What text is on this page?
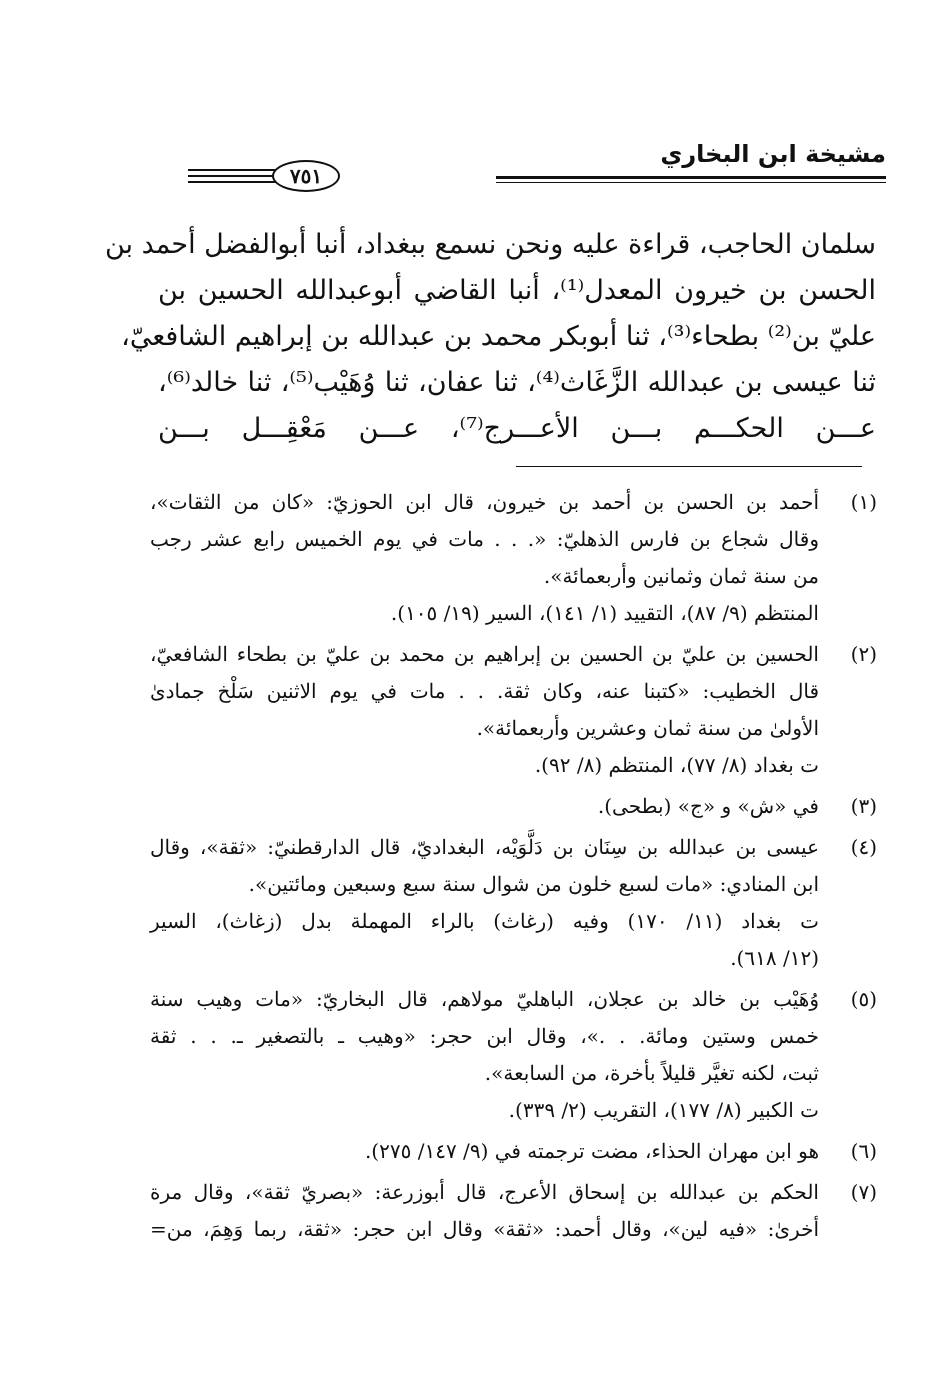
مشيخة ابن البخاري
٧٥١
سلمان الحاجب، قراءة عليه ونحن نسمع ببغداد، أنبا أبوالفضل أحمد بن
الحسن بن خيرون المعدل⁽¹⁾، أنبا القاضي أبوعبدالله الحسين بن
عليّ بن⁽²⁾ بطحاء⁽³⁾، ثنا أبوبكر محمد بن عبدالله بن إبراهيم الشافعيّ،
ثنا عيسى بن عبدالله الزَّغَاث⁽⁴⁾، ثنا عفان، ثنا وُهَيْب⁽⁵⁾، ثنا خالد⁽⁶⁾،
عـــن الحكـــم بـــن الأعـــرج⁽⁷⁾، عـــن مَعْقِـــل بـــن
(١)
أحمد بن الحسن بن أحمد بن خيرون، قال ابن الحوزيّ: «كان من الثقات»،
وقال شجاع بن فارس الذهليّ: «. . . مات في يوم الخميس رابع عشر رجب
من سنة ثمان وثمانين وأربعمائة».
المنتظم (٩/ ٨٧)، التقييد (١/ ١٤١)، السير (١٩/ ١٠٥).
(٢)
الحسين بن عليّ بن الحسين بن إبراهيم بن محمد بن عليّ بن بطحاء الشافعيّ،
قال الخطيب: «كتبنا عنه، وكان ثقة. . . مات في يوم الاثنين سَلْخ جمادىٰ
الأولىٰ من سنة ثمان وعشرين وأربعمائة».
ت بغداد (٨/ ٧٧)، المنتظم (٨/ ٩٢).
(٣)
في «ش» و «ج» (بطحى).
(٤)
عيسى بن عبدالله بن سِنَان بن دَلَّوَيْه، البغداديّ، قال الدارقطنيّ: «ثقة»، وقال
ابن المنادي: «مات لسبع خلون من شوال سنة سبع وسبعين ومائتين».
ت بغداد (١١/ ١٧٠) وفيه (رغاث) بالراء المهملة بدل (زغاث)، السير
(١٢/ ٦١٨).
(٥)
وُهَيْب بن خالد بن عجلان، الباهليّ مولاهم، قال البخاريّ: «مات وهيب سنة
خمس وستين ومائة. . .»، وقال ابن حجر: «وهيب ـ بالتصغير ـ. . . ثقة
ثبت، لكنه تغيَّر قليلاً بأخرة، من السابعة».
ت الكبير (٨/ ١٧٧)، التقريب (٢/ ٣٣٩).
(٦)
هو ابن مهران الحذاء، مضت ترجمته في (٩/ ١٤٧/ ٢٧٥).
(٧)
الحكم بن عبدالله بن إسحاق الأعرج، قال أبوزرعة: «بصريّ ثقة»، وقال مرة
أخرىٰ: «فيه لين»، وقال أحمد: «ثقة» وقال ابن حجر: «ثقة، ربما وَهِمَ، من=
